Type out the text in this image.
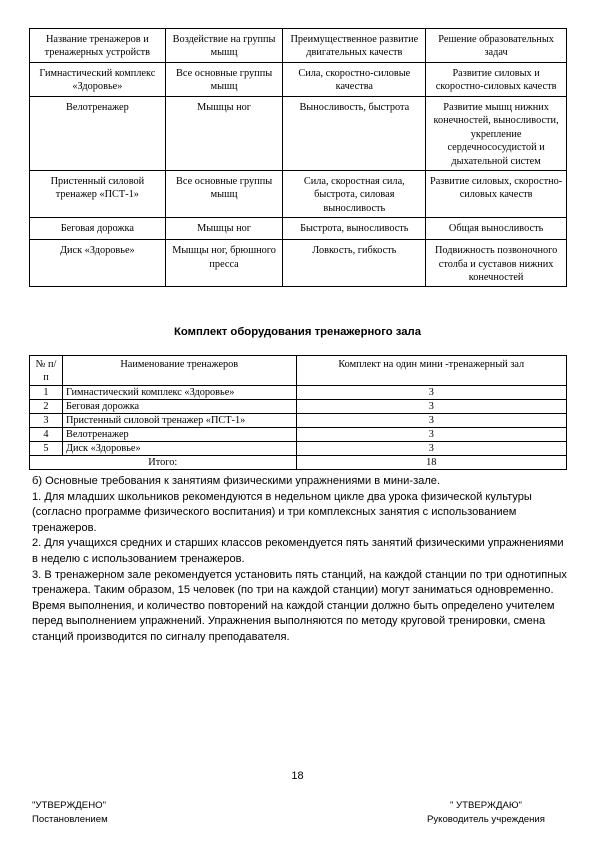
Название тренажеров и тренажерных устройств	Воздействие на группы мышц	Преимущественное развитие двигательных качеств	Решение образовательных задач
Гимнастический комплекс «Здоровье»	Все основные группы мышц	Сила, скоростно-силовые качества	Развитие силовых и скоростно-силовых качеств
Велотренажер	Мышцы ног	Выносливость, быстрота	Развитие мышц нижних конечностей, выносливости, укрепление сердечнососудистой и дыхательной систем
Пристенный силовой тренажер «ПСТ-1»	Все основные группы мышц	Сила, скоростная сила, быстрота, силовая выносливость	Развитие силовых, скоростно-силовых качеств
Беговая дорожка	Мышцы ног	Быстрота, выносливость	Общая выносливость
Диск «Здоровье»	Мышцы ног, брюшного пресса	Ловкость, гибкость	Подвижность позвоночного столба и суставов нижних конечностей
Комплект оборудования тренажерного зала
№ п/п	Наименование тренажеров	Комплект на один мини -тренажерный зал
1	Гимнастический комплекс «Здоровье»	3
2	Беговая дорожка	3
3	Пристенный силовой тренажер «ПСТ-1»	3
4	Велотренажер	3
5	Диск «Здоровье»	3
Итого:		18

б) Основные требования к занятиям физическими упражнениями в мини-зале.

1. Для младших школьников рекомендуются в недельном цикле два урока физической культуры (согласно программе физического воспитания) и три комплексных занятия с использованием тренажеров.

2. Для учащихся средних и старших классов рекомендуется пять занятий физическими упражнениями в неделю с использованием тренажеров.

3. В тренажерном зале рекомендуется установить пять станций, на каждой станции по три однотипных тренажера. Таким образом, 15 человек (по три на каждой станции) могут заниматься одновременно. Время выполнения, и количество повторений на каждой станции должно быть определено учителем перед выполнением упражнений. Упражнения выполняются по методу круговой тренировки, смена станций производится по сигналу преподавателя.

18
"УТВЕРЖДЕНО"
Постановлением
" УТВЕРЖДАЮ"
Руководитель учреждения
